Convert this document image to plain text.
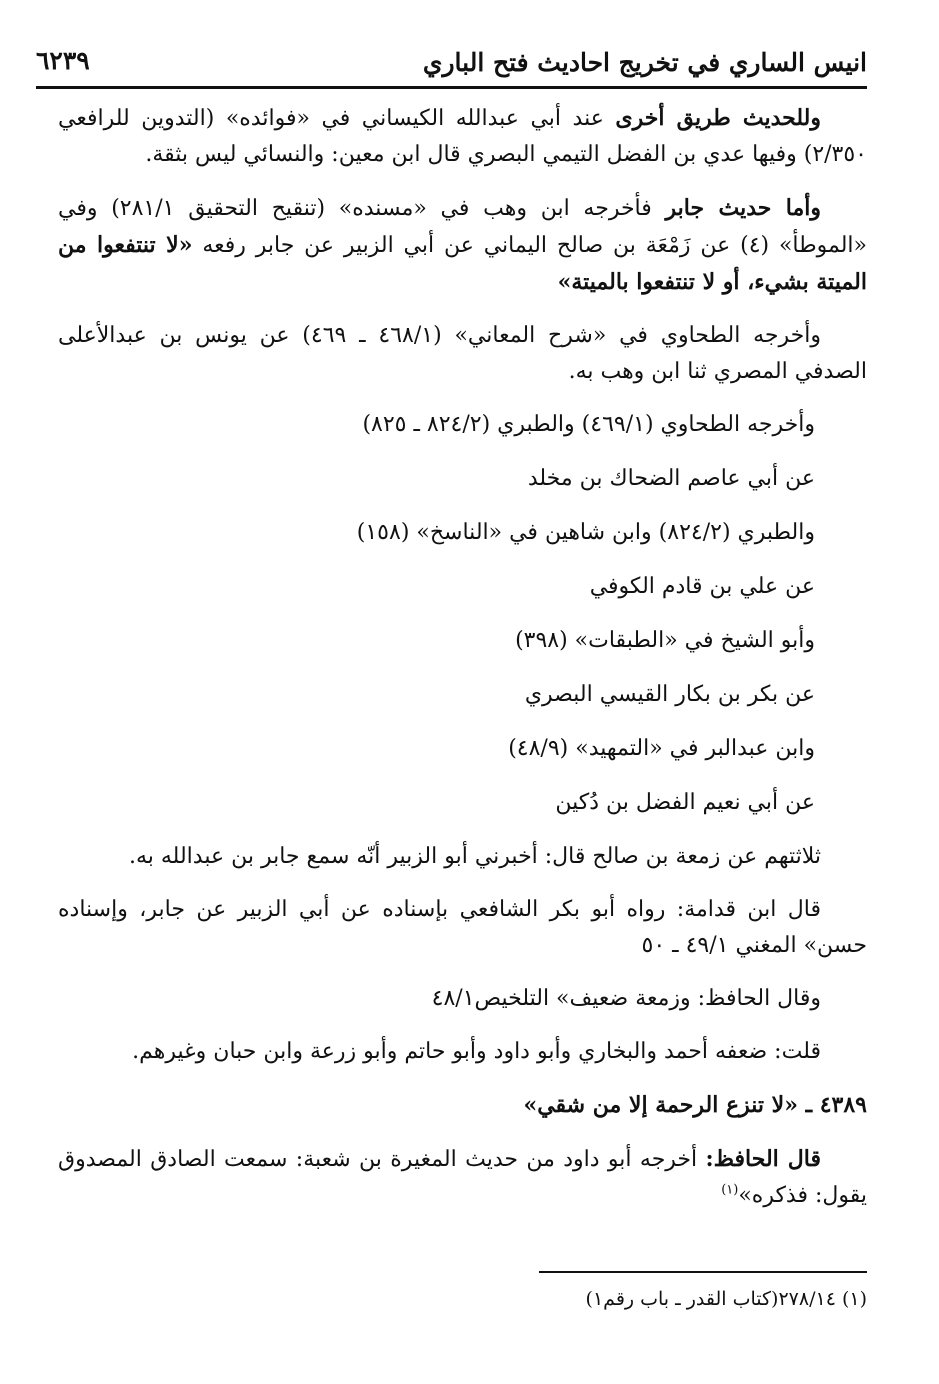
انيس الساري في تخريج احاديث فتح الباري
٦٢٣٩

وللحديث طريق أخرى عند أبي عبدالله الكيساني في «فوائده» (التدوين للرافعي ٢/٣٥٠) وفيها عدي بن الفضل التيمي البصري قال ابن معين: والنسائي ليس بثقة.

وأما حديث جابر فأخرجه ابن وهب في «مسنده» (تنقيح التحقيق ٢٨١/١) وفي «الموطأ» (٤) عن زَمْعَة بن صالح اليماني عن أبي الزبير عن جابر رفعه «لا تنتفعوا من الميتة بشيء، أو لا تنتفعوا بالميتة»

وأخرجه الطحاوي في «شرح المعاني» (٤٦٨/١ ـ ٤٦٩) عن يونس بن عبدالأعلى الصدفي المصري ثنا ابن وهب به.

وأخرجه الطحاوي (٤٦٩/١) والطبري (٨٢٤/٢ ـ ٨٢٥)

عن أبي عاصم الضحاك بن مخلد

والطبري (٨٢٤/٢) وابن شاهين في «الناسخ» (١٥٨)

عن علي بن قادم الكوفي

وأبو الشيخ في «الطبقات» (٣٩٨)

عن بكر بن بكار القيسي البصري

وابن عبدالبر في «التمهيد» (٤٨/٩)

عن أبي نعيم الفضل بن دُكين

ثلاثتهم عن زمعة بن صالح قال: أخبرني أبو الزبير أنّه سمع جابر بن عبدالله به.

قال ابن قدامة: رواه أبو بكر الشافعي بإسناده عن أبي الزبير عن جابر، وإسناده حسن» المغني ٤٩/١ ـ ٥٠

وقال الحافظ: وزمعة ضعيف» التلخيص٤٨/١

قلت: ضعفه أحمد والبخاري وأبو داود وأبو حاتم وأبو زرعة وابن حبان وغيرهم.

٤٣٨٩ ـ «لا تنزع الرحمة إلا من شقي»

قال الحافظ: أخرجه أبو داود من حديث المغيرة بن شعبة: سمعت الصادق المصدوق يقول: فذكره»$^{(١)}$

(١) ٢٧٨/١٤(كتاب القدر ـ باب رقم١)
